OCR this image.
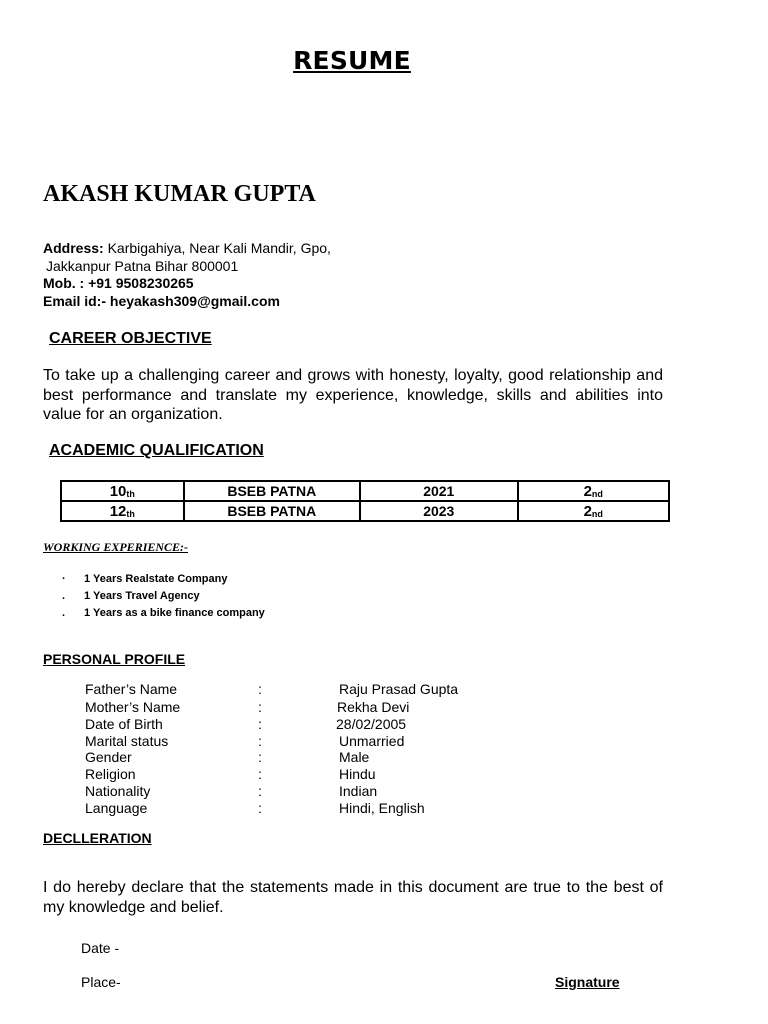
RESUME
AKASH KUMAR GUPTA
Address: Karbigahiya, Near Kali Mandir, Gpo,
Jakkanpur Patna Bihar 800001
Mob. : +91 9508230265
Email id:- heyakash309@gmail.com
CAREER OBJECTIVE
To take up a challenging career and grows with honesty, loyalty, good relationship and best performance and translate my experience, knowledge, skills and abilities into value for an organization.
ACADEMIC QUALIFICATION
$10_{th}$	BSEB PATNA	2021	$2_{nd}$
$12_{th}$	BSEB PATNA	2023	$2_{nd}$
WORKING EXPERIENCE:-
·	1 Years Realstate Company
.	1 Years Travel Agency
.	1 Years as a bike finance company
PERSONAL PROFILE
Father’s Name	:	Raju Prasad Gupta
Mother’s Name	:	Rekha Devi
Date of Birth	:	28/02/2005
Marital status	:	Unmarried
Gender	:	Male
Religion	:	Hindu
Nationality	:	Indian
Language	:	Hindi, English
DECLLERATION
I do hereby declare that the statements made in this document are true to the best of my knowledge and belief.
Date -
Place-	Signature
